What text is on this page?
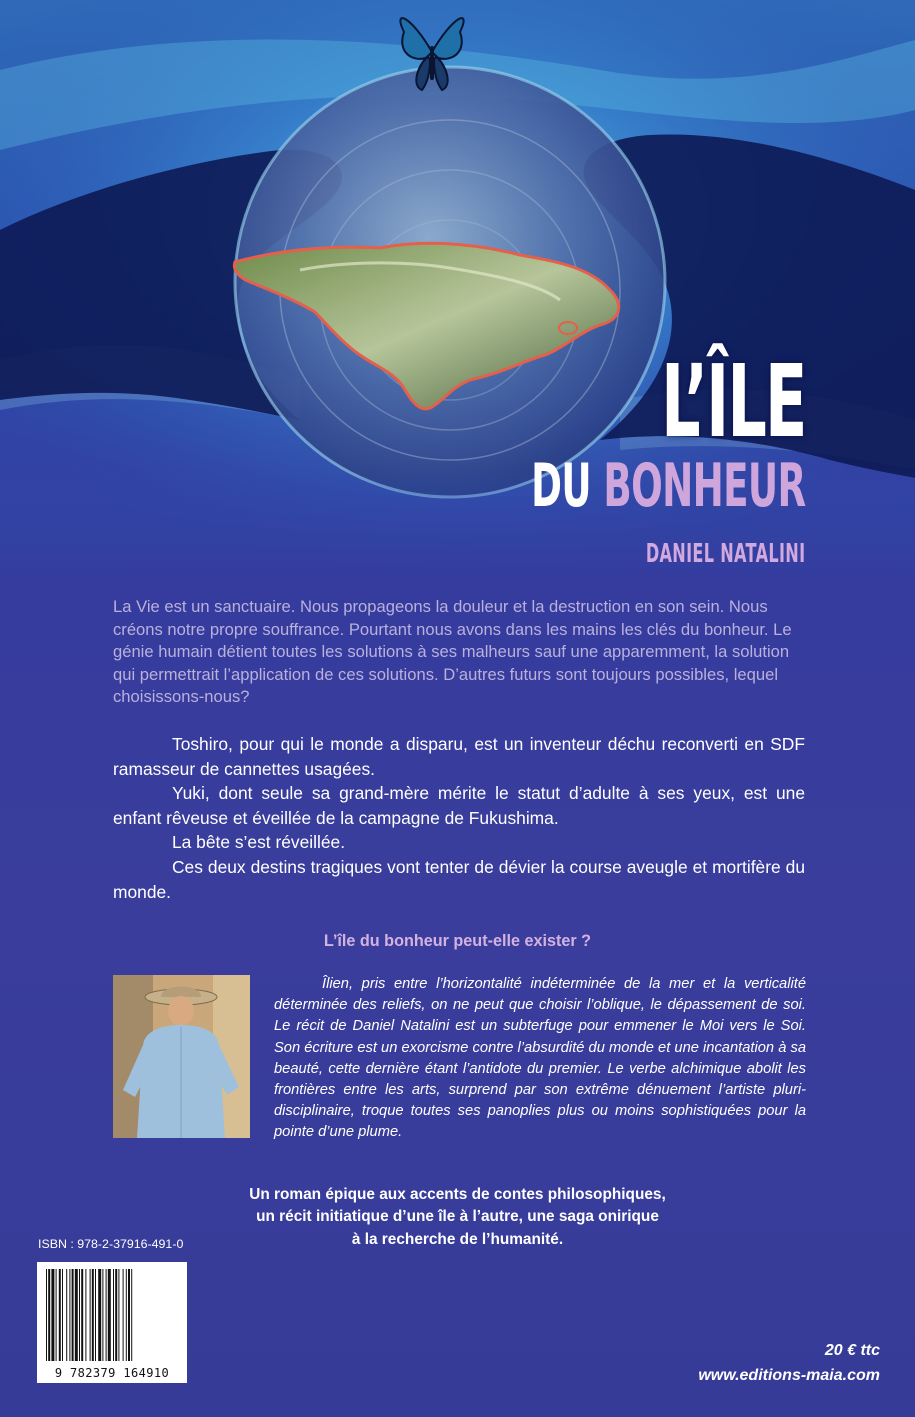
L’ÎLE
DU BONHEUR
DANIEL NATALINI

La Vie est un sanctuaire. Nous propageons la douleur et la destruction en son sein. Nous créons notre propre souffrance. Pourtant nous avons dans les mains les clés du bonheur. Le génie humain détient toutes les solutions à ses malheurs sauf une apparemment, la solution qui permettrait l’application de ces solutions. D’autres futurs sont toujours possibles, lequel choisissons-nous?

Toshiro, pour qui le monde a disparu, est un inventeur déchu reconverti en SDF ramasseur de cannettes usagées.

Yuki, dont seule sa grand-mère mérite le statut d’adulte à ses yeux, est une enfant rêveuse et éveillée de la campagne de Fukushima.

La bête s’est réveillée.

Ces deux destins tragiques vont tenter de dévier la course aveugle et mortifère du monde.

L’île du bonheur peut-elle exister ?

Îlien, pris entre l’horizontalité indéterminée de la mer et la verticalité déterminée des reliefs, on ne peut que choisir l’oblique, le dépassement de soi. Le récit de Daniel Natalini est un subterfuge pour emmener le Moi vers le Soi. Son écriture est un exorcisme contre l’absurdité du monde et une incantation à sa beauté, cette dernière étant l’antidote du premier. Le verbe alchimique abolit les frontières entre les arts, surprend par son extrême dénuement l’artiste pluri-disciplinaire, troque toutes ses panoplies plus ou moins sophistiquées pour la pointe d’une plume.

Un roman épique aux accents de contes philosophiques,
un récit initiatique d’une île à l’autre, une saga onirique
à la recherche de l’humanité.

ISBN : 978-2-37916-491-0

9 782379 164910

20 € ttc

www.editions-maia.com
